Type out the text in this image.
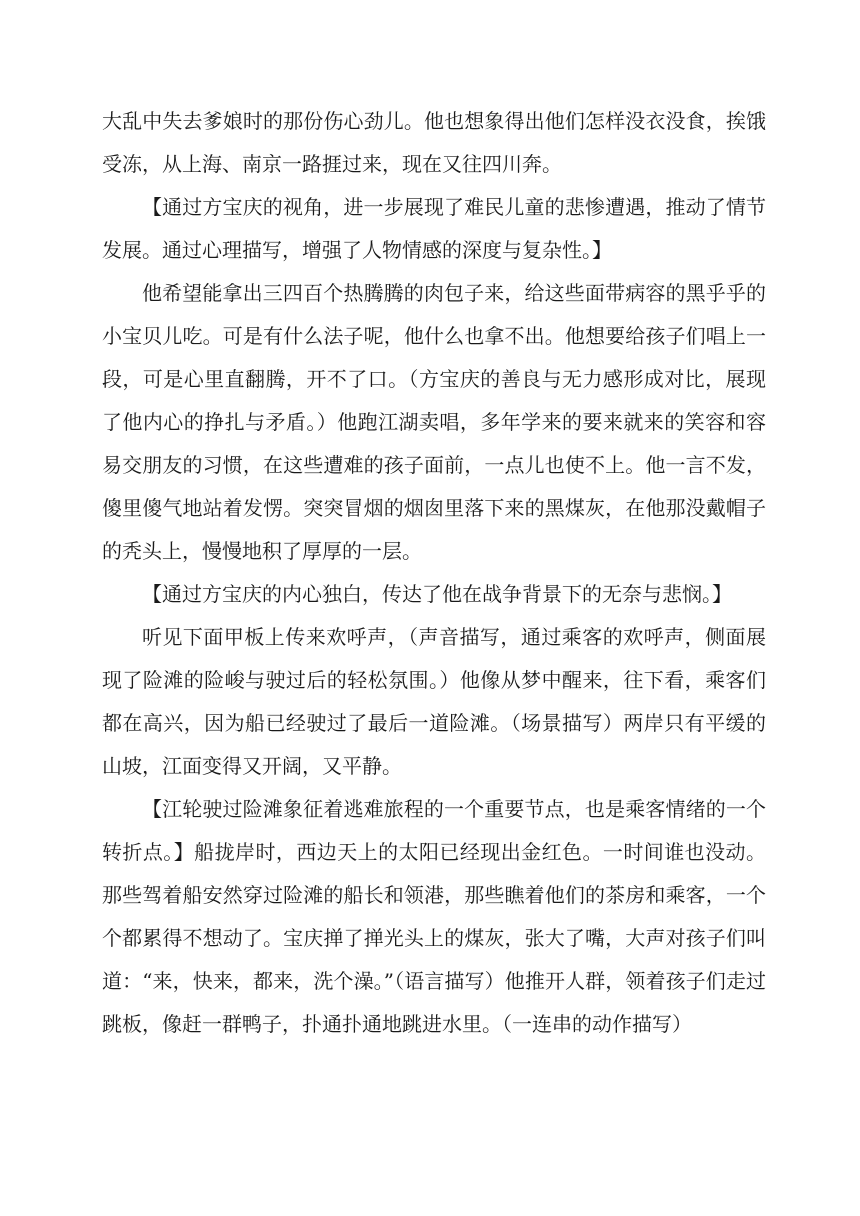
大乱中失去爹娘时的那份伤心劲儿。他也想象得出他们怎样没衣没食，挨饿受冻，从上海、南京一路捱过来，现在又往四川奔。

【通过方宝庆的视角，进一步展现了难民儿童的悲惨遭遇，推动了情节发展。通过心理描写，增强了人物情感的深度与复杂性。】

他希望能拿出三四百个热腾腾的肉包子来，给这些面带病容的黑乎乎的小宝贝儿吃。可是有什么法子呢，他什么也拿不出。他想要给孩子们唱上一段，可是心里直翻腾，开不了口。（方宝庆的善良与无力感形成对比，展现了他内心的挣扎与矛盾。）他跑江湖卖唱，多年学来的要来就来的笑容和容易交朋友的习惯，在这些遭难的孩子面前，一点儿也使不上。他一言不发，傻里傻气地站着发愣。突突冒烟的烟囱里落下来的黑煤灰，在他那没戴帽子的秃头上，慢慢地积了厚厚的一层。

【通过方宝庆的内心独白，传达了他在战争背景下的无奈与悲悯。】

听见下面甲板上传来欢呼声，（声音描写，通过乘客的欢呼声，侧面展现了险滩的险峻与驶过后的轻松氛围。）他像从梦中醒来，往下看，乘客们都在高兴，因为船已经驶过了最后一道险滩。（场景描写）两岸只有平缓的山坡，江面变得又开阔，又平静。

【江轮驶过险滩象征着逃难旅程的一个重要节点，也是乘客情绪的一个转折点。】船拢岸时，西边天上的太阳已经现出金红色。一时间谁也没动。那些驾着船安然穿过险滩的船长和领港，那些瞧着他们的茶房和乘客，一个个都累得不想动了。宝庆掸了掸光头上的煤灰，张大了嘴，大声对孩子们叫道：“来，快来，都来，洗个澡。”（语言描写）他推开人群，领着孩子们走过跳板，像赶一群鸭子，扑通扑通地跳进水里。（一连串的动作描写）
